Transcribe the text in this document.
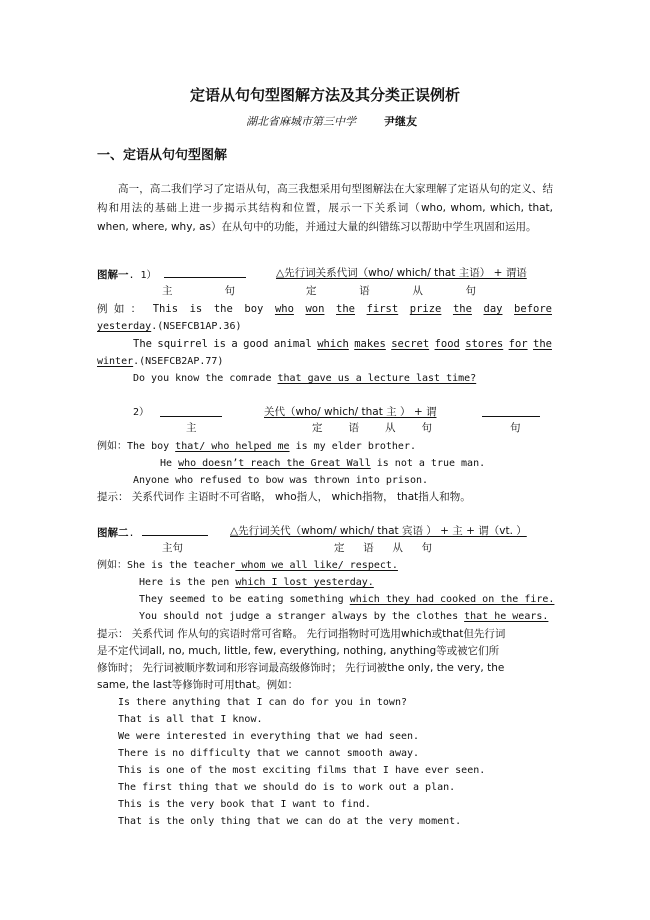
定语从句句型图解方法及其分类正误例析
湖北省麻城市第三中学	尹继友
一、定语从句句型图解
高一，高二我们学习了定语从句，高三我想采用句型图解法在大家理解了定语从句的定义、结构和用法的基础上进一步揭示其结构和位置，展示一下关系词（who, whom, which, that, when, where, why, as）在从句中的功能，并通过大量的纠错练习以帮助中学生巩固和运用。
图解一. 1）	△先行词关系代词（who/ which/ that 主语） + 谓语
主	句	定	语	从	句
例 如 ： This is the boy who won the first prize the day before
yesterday.(NSEFCB1AP.36)
The squirrel is a good animal which makes secret food stores for the
winter.(NSEFCB2AP.77)
Do you know the comrade that gave us a lecture last time?
2）	关代（who/ which/ that 主 ） + 谓
主	定 语 从 句	句
例如：The boy that/ who helped me is my elder brother.
He who doesn’t reach the Great Wall is not a true man.
Anyone who refused to bow was thrown into prison.
提示： 关系代词作 主语时不可省略， who指人， which指物， that指人和物。
图解二.	△先行词关代（whom/ which/ that 宾语 ） + 主 + 谓（vt. ）
主句	定 语 从 句
例如：She is the teacher whom we all like/ respect.
Here is the pen which I lost yesterday.
They seemed to be eating something which they had cooked on the fire.
You should not judge a stranger always by the clothes that he wears.
提示： 关系代词 作从句的宾语时常可省略。 先行词指物时可选用which或that但先行词
是不定代词all, no, much, little, few, everything, nothing, anything等或被它们所
修饰时； 先行词被顺序数词和形容词最高级修饰时； 先行词被the only, the very, the
same, the last等修饰时可用that。例如：
Is there anything that I can do for you in town?
That is all that I know.
We were interested in everything that we had seen.
There is no difficulty that we cannot smooth away.
This is one of the most exciting films that I have ever seen.
The first thing that we should do is to work out a plan.
This is the very book that I want to find.
That is the only thing that we can do at the very moment.
